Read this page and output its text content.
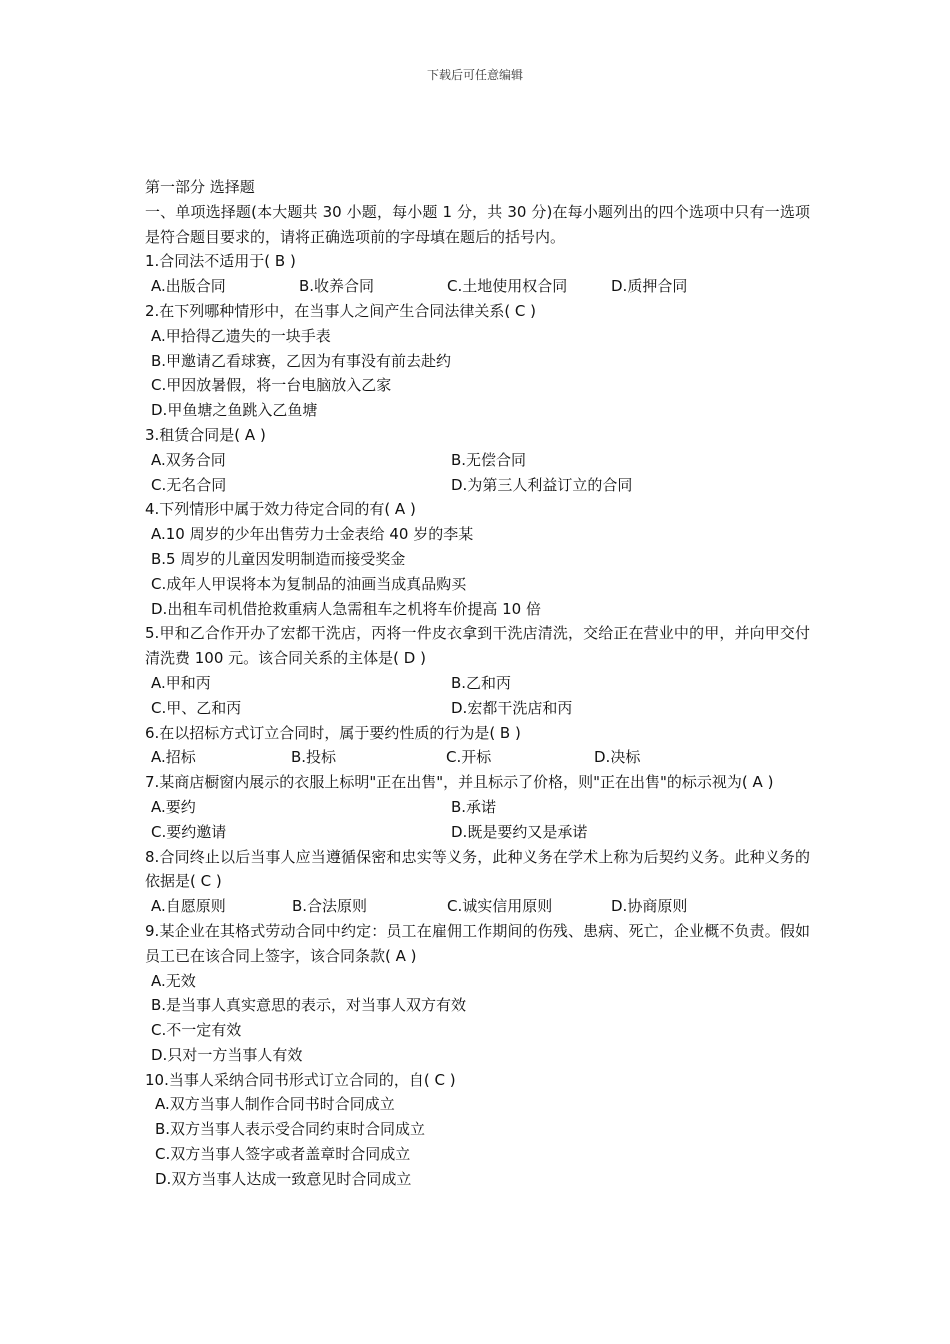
下载后可任意编辑
第一部分 选择题
一、单项选择题(本大题共 30 小题，每小题 1 分，共 30 分)在每小题列出的四个选项中只有一选项是符合题目要求的，请将正确选项前的字母填在题后的括号内。
1.合同法不适用于( B )
A.出版合同	B.收养合同	C.土地使用权合同	D.质押合同
2.在下列哪种情形中，在当事人之间产生合同法律关系( C )
A.甲拾得乙遗失的一块手表
B.甲邀请乙看球赛，乙因为有事没有前去赴约
C.甲因放暑假，将一台电脑放入乙家
D.甲鱼塘之鱼跳入乙鱼塘
3.租赁合同是( A )
A.双务合同	B.无偿合同
C.无名合同	D.为第三人利益订立的合同
4.下列情形中属于效力待定合同的有( A )
A.10 周岁的少年出售劳力士金表给 40 岁的李某
B.5 周岁的儿童因发明制造而接受奖金
C.成年人甲误将本为复制品的油画当成真品购买
D.出租车司机借抢救重病人急需租车之机将车价提高 10 倍
5.甲和乙合作开办了宏都干洗店，丙将一件皮衣拿到干洗店清洗，交给正在营业中的甲，并向甲交付清洗费 100 元。该合同关系的主体是( D )
A.甲和丙	B.乙和丙
C.甲、乙和丙	D.宏都干洗店和丙
6.在以招标方式订立合同时，属于要约性质的行为是( B )
A.招标	B.投标	C.开标	D.决标
7.某商店橱窗内展示的衣服上标明"正在出售"，并且标示了价格，则"正在出售"的标示视为( A )
A.要约	B.承诺
C.要约邀请	D.既是要约又是承诺
8.合同终止以后当事人应当遵循保密和忠实等义务，此种义务在学术上称为后契约义务。此种义务的依据是( C )
A.自愿原则	B.合法原则	C.诚实信用原则	D.协商原则
9.某企业在其格式劳动合同中约定：员工在雇佣工作期间的伤残、患病、死亡，企业概不负责。假如员工已在该合同上签字，该合同条款( A )
A.无效
B.是当事人真实意思的表示，对当事人双方有效
C.不一定有效
D.只对一方当事人有效
10.当事人采纳合同书形式订立合同的，自( C )
A.双方当事人制作合同书时合同成立
B.双方当事人表示受合同约束时合同成立
C.双方当事人签字或者盖章时合同成立
D.双方当事人达成一致意见时合同成立
